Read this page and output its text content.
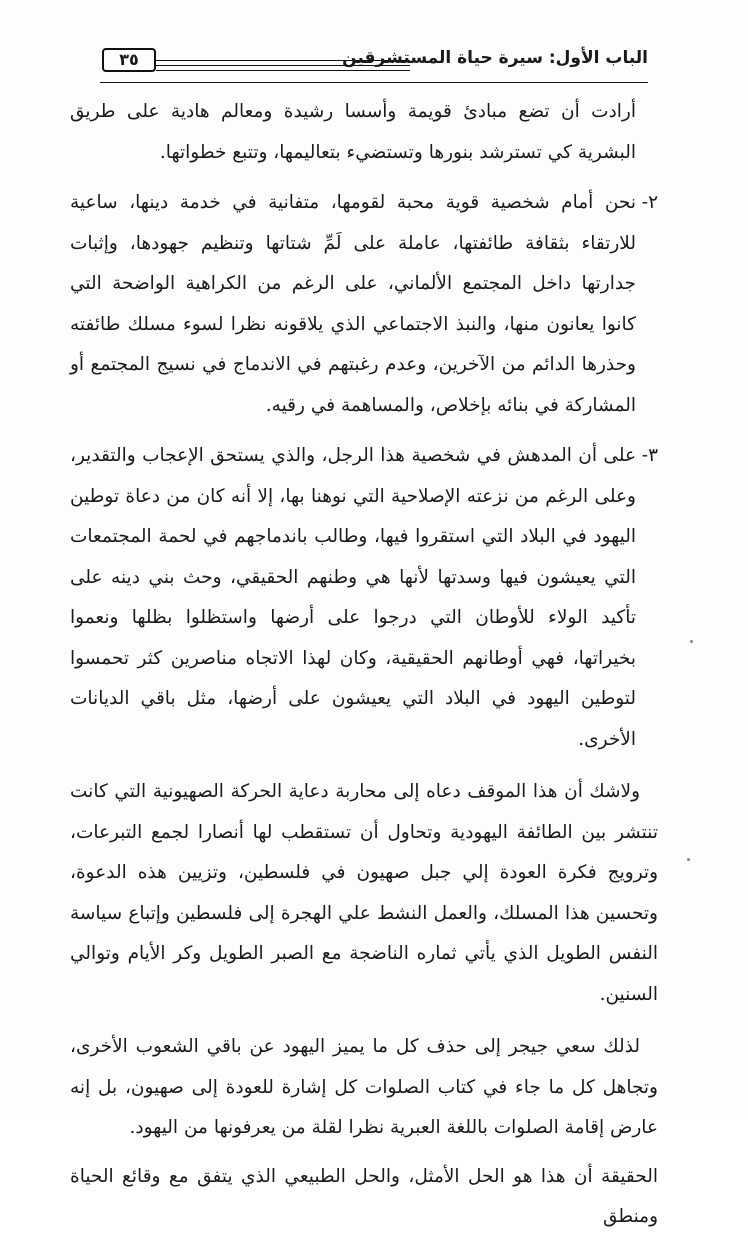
٣٥	الباب الأول: سيرة حياة المستشرقين

أرادت أن تضع مبادئ قويمة وأسسا رشيدة ومعالم هادية على طريق البشرية كي تسترشد بنورها وتستضيء بتعاليمها، وتتبع خطواتها.

٢-
نحن أمام شخصية قوية محبة لقومها، متفانية في خدمة دينها، ساعية للارتقاء بثقافة طائفتها، عاملة على لَمِّ شتاتها وتنظيم جهودها، وإثبات جدارتها داخل المجتمع الألماني، على الرغم من الكراهية الواضحة التي كانوا يعانون منها، والنبذ الاجتماعي الذي يلاقونه نظرا لسوء مسلك طائفته وحذرها الدائم من الآخرين، وعدم رغبتهم في الاندماج في نسيج المجتمع أو المشاركة في بنائه بإخلاص، والمساهمة في رقيه.
٣-
على أن المدهش في شخصية هذا الرجل، والذي يستحق الإعجاب والتقدير، وعلى الرغم من نزعته الإصلاحية التي نوهنا بها، إلا أنه كان من دعاة توطين اليهود في البلاد التي استقروا فيها، وطالب باندماجهم في لحمة المجتمعات التي يعيشون فيها وسدتها لأنها هي وطنهم الحقيقي، وحث بني دينه على تأكيد الولاء للأوطان التي درجوا على أرضها واستظلوا بظلها ونعموا بخيراتها، فهي أوطانهم الحقيقية، وكان لهذا الاتجاه مناصرين كثر تحمسوا لتوطين اليهود في البلاد التي يعيشون على أرضها، مثل باقي الديانات الأخرى.

ولاشك أن هذا الموقف دعاه إلى محاربة دعاية الحركة الصهيونية التي كانت تنتشر بين الطائفة اليهودية وتحاول أن تستقطب لها أنصارا لجمع التبرعات، وترويج فكرة العودة إلي جبل صهيون في فلسطين، وتزيين هذه الدعوة، وتحسين هذا المسلك، والعمل النشط علي الهجرة إلى فلسطين وإتباع سياسة النفس الطويل الذي يأتي ثماره الناضجة مع الصبر الطويل وكر الأيام وتوالي السنين.

لذلك سعي جيجر إلى حذف كل ما يميز اليهود عن باقي الشعوب الأخرى، وتجاهل كل ما جاء في كتاب الصلوات كل إشارة للعودة إلى صهيون، بل إنه عارض إقامة الصلوات باللغة العبرية نظرا لقلة من يعرفونها من اليهود.

الحقيقة أن هذا هو الحل الأمثل، والحل الطبيعي الذي يتفق مع وقائع الحياة ومنطق
